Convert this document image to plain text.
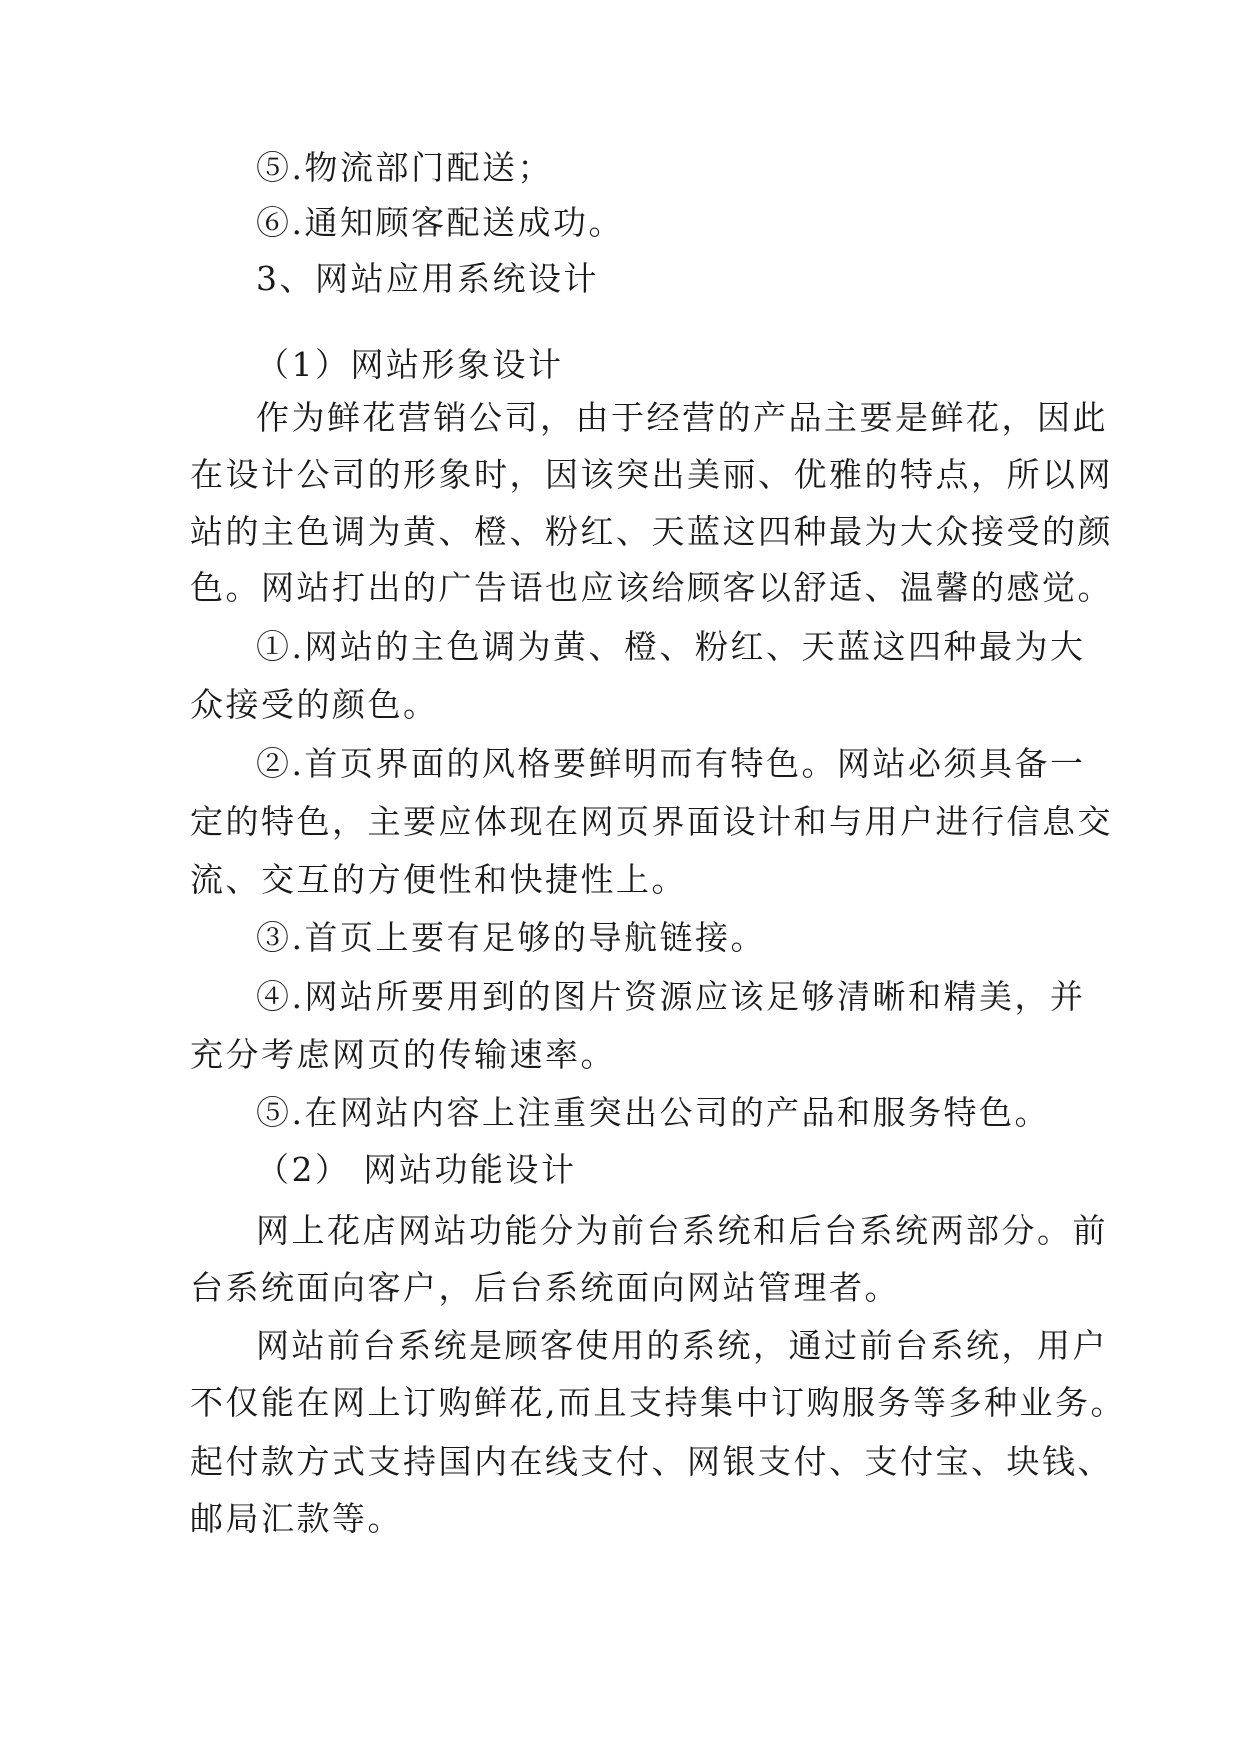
⑤.物流部门配送；
⑥.通知顾客配送成功。
3、网站应用系统设计
（1）网站形象设计
作为鲜花营销公司，由于经营的产品主要是鲜花，因此
在设计公司的形象时，因该突出美丽、优雅的特点，所以网
站的主色调为黄、橙、粉红、天蓝这四种最为大众接受的颜
色。网站打出的广告语也应该给顾客以舒适、温馨的感觉。
①.网站的主色调为黄、橙、粉红、天蓝这四种最为大
众接受的颜色。
②.首页界面的风格要鲜明而有特色。网站必须具备一
定的特色，主要应体现在网页界面设计和与用户进行信息交
流、交互的方便性和快捷性上。
③.首页上要有足够的导航链接。
④.网站所要用到的图片资源应该足够清晰和精美，并
充分考虑网页的传输速率。
⑤.在网站内容上注重突出公司的产品和服务特色。
（2） 网站功能设计
网上花店网站功能分为前台系统和后台系统两部分。前
台系统面向客户，后台系统面向网站管理者。
网站前台系统是顾客使用的系统，通过前台系统，用户
不仅能在网上订购鲜花,而且支持集中订购服务等多种业务。
起付款方式支持国内在线支付、网银支付、支付宝、块钱、
邮局汇款等。
